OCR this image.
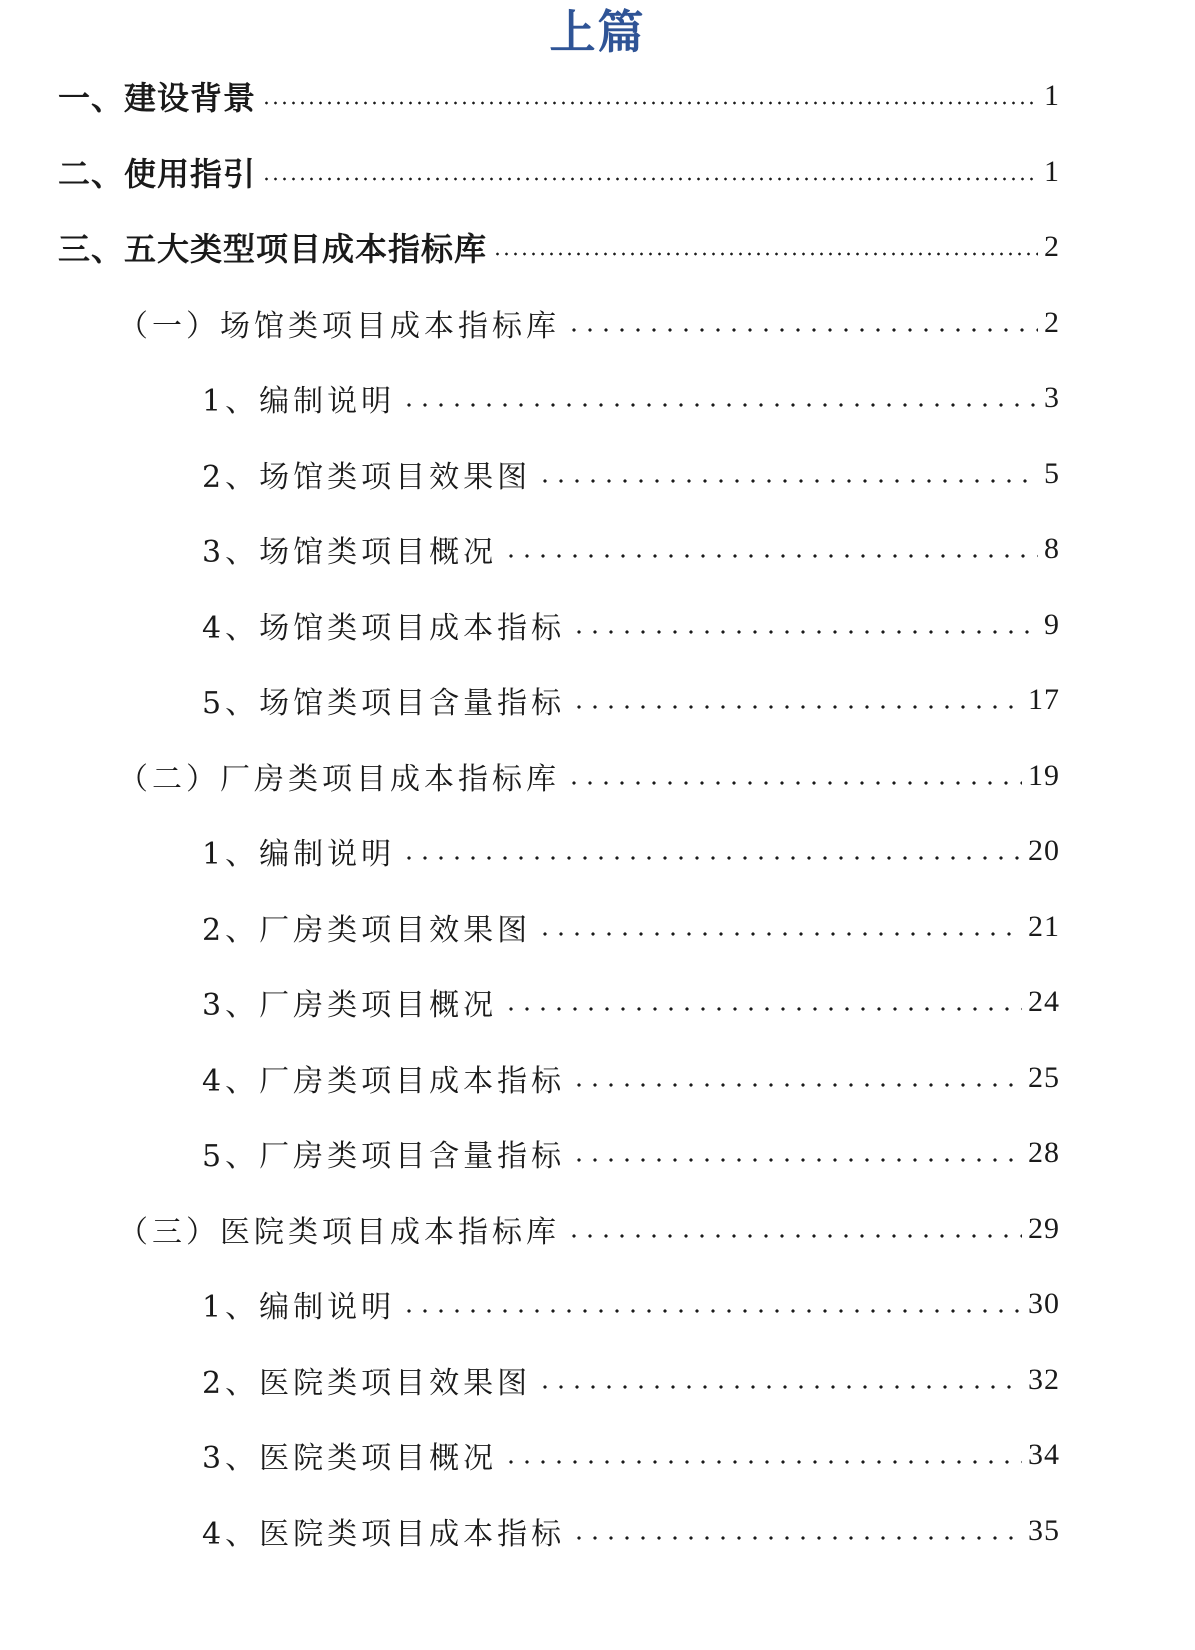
上篇
一、建设背景	1
二、使用指引	1
三、五大类型项目成本指标库	2
（一）场馆类项目成本指标库	2
1、编制说明	3
2、场馆类项目效果图	5
3、场馆类项目概况	8
4、场馆类项目成本指标	9
5、场馆类项目含量指标	17
（二）厂房类项目成本指标库	19
1、编制说明	20
2、厂房类项目效果图	21
3、厂房类项目概况	24
4、厂房类项目成本指标	25
5、厂房类项目含量指标	28
（三）医院类项目成本指标库	29
1、编制说明	30
2、医院类项目效果图	32
3、医院类项目概况	34
4、医院类项目成本指标	35
